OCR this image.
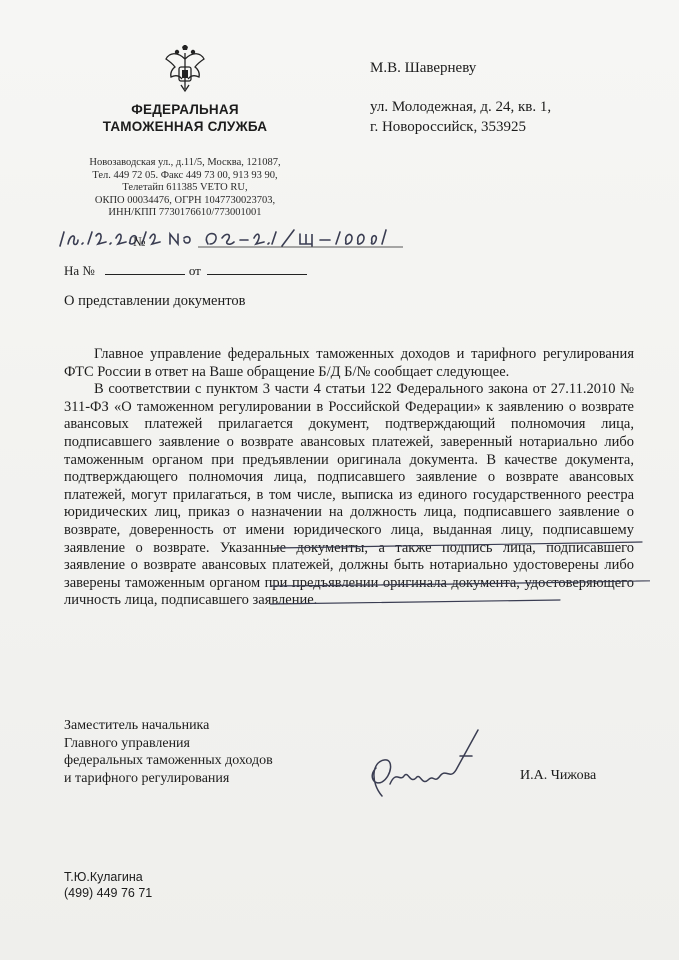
ФЕДЕРАЛЬНАЯ
ТАМОЖЕННАЯ СЛУЖБА
Новозаводская ул., д.11/5, Москва, 121087,
Тел. 449 72 05. Факс 449 73 00, 913 93 90,
Телетайп 611385 VETO RU,
ОКПО 00034476, ОГРН 1047730023703,
ИНН/КПП 7730176610/773001001
№
На №	от
М.В. Шаверневу
ул. Молодежная, д. 24, кв. 1,
г. Новороссийск, 353925
О представлении документов

Главное управление федеральных таможенных доходов и тарифного регулирования ФТС России в ответ на Ваше обращение Б/Д Б/№ сообщает следующее.

В соответствии с пунктом 3 части 4 статьи 122 Федерального закона от 27.11.2010 № 311-ФЗ «О таможенном регулировании в Российской Федерации» к заявлению о возврате авансовых платежей прилагается документ, подтверждающий полномочия лица, подписавшего заявление о возврате авансовых платежей, заверенный нотариально либо таможенным органом при предъявлении оригинала документа. В качестве документа, подтверждающего полномочия лица, подписавшего заявление о возврате авансовых платежей, могут прилагаться, в том числе, выписка из единого государственного реестра юридических лиц, приказ о назначении на должность лица, подписавшего заявление о возврате, доверенность от имени юридического лица, выданная лицу, подписавшему заявление о возврате. Указанные документы, а также подпись лица, подписавшего заявление о возврате авансовых платежей, должны быть нотариально удостоверены либо заверены таможенным органом при предъявлении оригинала документа, удостоверяющего личность лица, подписавшего заявление.

Заместитель начальника
Главного управления
федеральных таможенных доходов
и тарифного регулирования	И.А. Чижова
Т.Ю.Кулагина
(499) 449 76 71
